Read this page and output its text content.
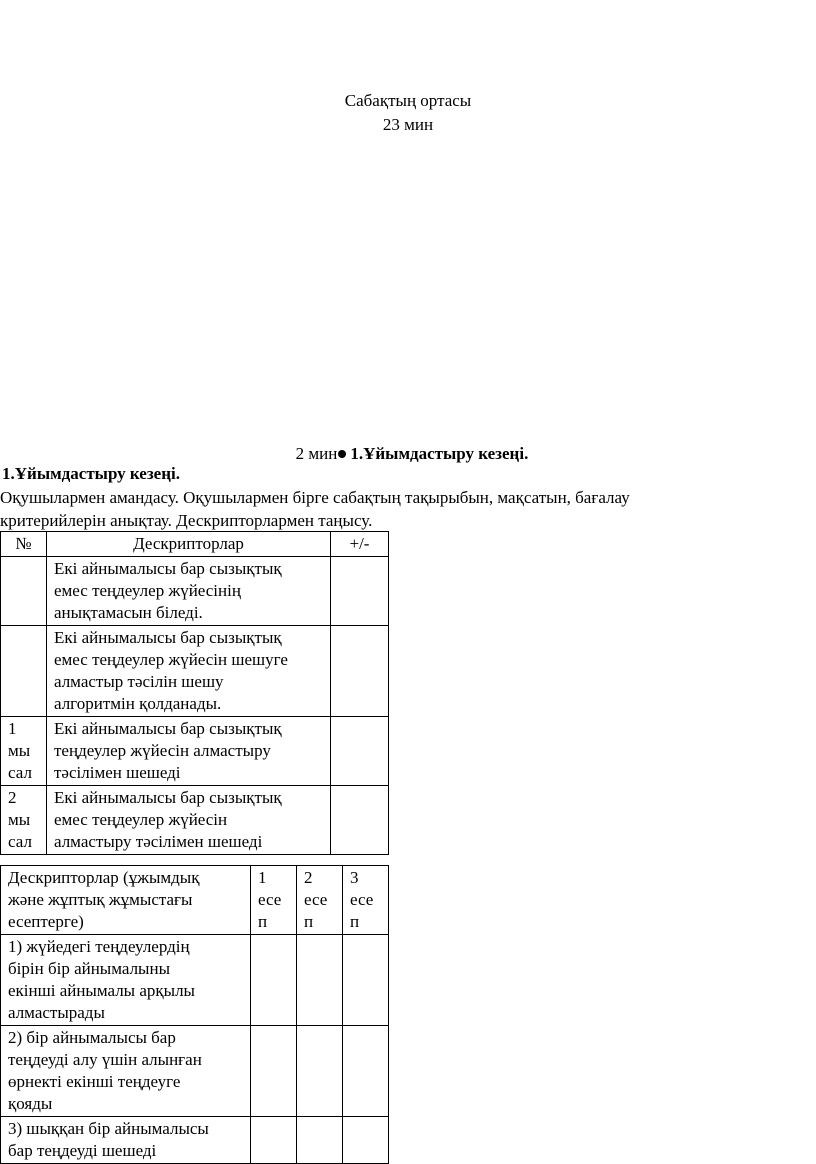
Сабақтың ортасы
23 мин
2 мин 1.Ұйымдастыру кезеңі.
1.Ұйымдастыру кезеңі.
Оқушылармен амандасу. Оқушылармен бірге сабақтың тақырыбын, мақсатын, бағалау
критерийлерін анықтау. Дескрипторлармен таңысу.
№	Дескрипторлар	+/-

	Екі айнымалысы бар сызықтық
емес теңдеулер жүйесінің
анықтамасын біледі.	

	Екі айнымалысы бар сызықтық
емес теңдеулер жүйесін шешуге
алмастыр тәсілін шешу
алгоритмін қолданады.	

1
мы
сал	Екі айнымалысы бар сызықтық
теңдеулер жүйесін алмастыру
тәсілімен шешеді	

2
мы
сал	Екі айнымалысы бар сызықтық
емес теңдеулер жүйесін
алмастыру тәсілімен шешеді	

Дескрипторлар (ұжымдық
және жұптық жұмыстағы
есептерге)	1
есе
п	2
есе
п	3
есе
п

1) жүйедегі теңдеулердің
бірін бір айнымалыны
екінші айнымалы арқылы
алмастырады			

2) бір айнымалысы бар
теңдеуді алу үшін алынған
өрнекті екінші теңдеуге
қояды			

3) шыққан бір айнымалысы
бар теңдеуді шешеді			
